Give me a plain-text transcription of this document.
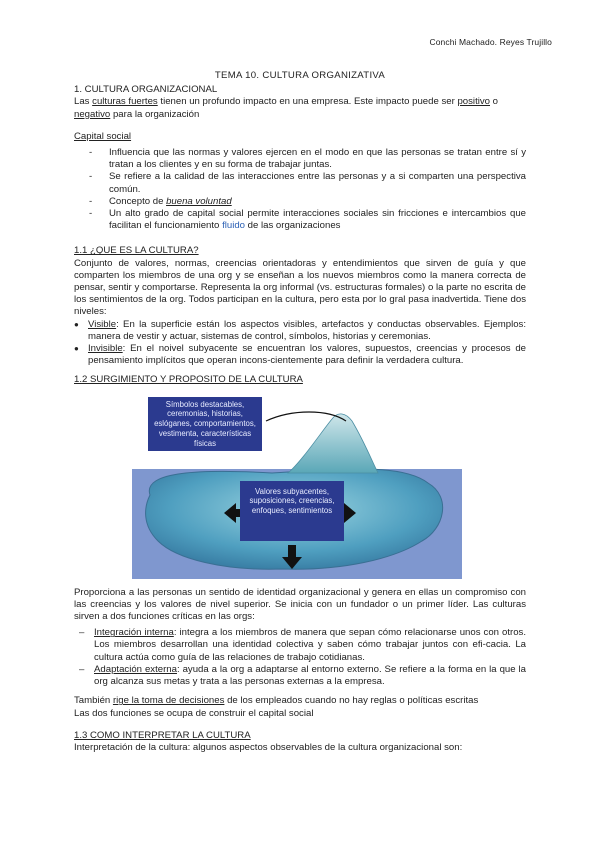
Conchi Machado. Reyes Trujillo

TEMA 10. CULTURA ORGANIZATIVA

1. CULTURA ORGANIZACIONAL

Las culturas fuertes tienen un profundo impacto en una empresa. Este impacto puede ser positivo o negativo para la organización

Capital social

- Influencia que las normas y valores ejercen en el modo en que las personas se tratan entre sí y tratan a los clientes y en su forma de trabajar juntas.
- Se refiere a la calidad de las interacciones entre las personas y a si comparten una perspectiva común.
- Concepto de buena voluntad
- Un alto grado de capital social permite interacciones sociales sin fricciones e intercambios que facilitan el funcionamiento fluido de las organizaciones

1.1 ¿QUE ES LA CULTURA?

Conjunto de valores, normas, creencias orientadoras y entendimientos que sirven de guía y que comparten los miembros de una org y se enseñan a los nuevos miembros como la manera correcta de pensar, sentir y comportarse. Representa la org informal (vs. estructuras formales) o la parte no escrita de los sentimientos de la org. Todos participan en la cultura, pero esta por lo gral pasa inadvertida. Tiene dos niveles:

● Visible: En la superficie están los aspectos visibles, artefactos y conductas observables. Ejemplos: manera de vestir y actuar, sistemas de control, símbolos, historias y ceremonias.
● Invisible: En el noivel subyacente se encuentran los valores, supuestos, creencias y procesos de pensamiento implícitos que operan incons-cientemente para definir la verdadera cultura.

1.2 SURGIMIENTO Y PROPOSITO DE LA CULTURA

Símbolos destacables, ceremonias, historias, eslóganes, comportamientos, vestimenta, características físicas
Valores subyacentes, suposiciones, creencias, enfoques, sentimientos

Proporciona a las personas un sentido de identidad organizacional y genera en ellas un compromiso con las creencias y los valores de nivel superior. Se inicia con un fundador o un primer líder. Las culturas sirven a dos funciones críticas en las orgs:

– Integración interna: integra a los miembros de manera que sepan cómo relacionarse unos con otros. Los miembros desarrollan una identidad colectiva y saben cómo trabajar juntos con efi-cacia. La cultura actúa como guía de las relaciones de trabajo cotidianas.
– Adaptación externa: ayuda a la org a adaptarse al entorno externo. Se refiere a la forma en la que la org alcanza sus metas y trata a las personas externas a la empresa.

También rige la toma de decisiones de los empleados cuando no hay reglas o políticas escritas

Las dos funciones se ocupa de construir el capital social

1.3 COMO INTERPRETAR LA CULTURA

Interpretación de la cultura: algunos aspectos observables de la cultura organizacional son:
